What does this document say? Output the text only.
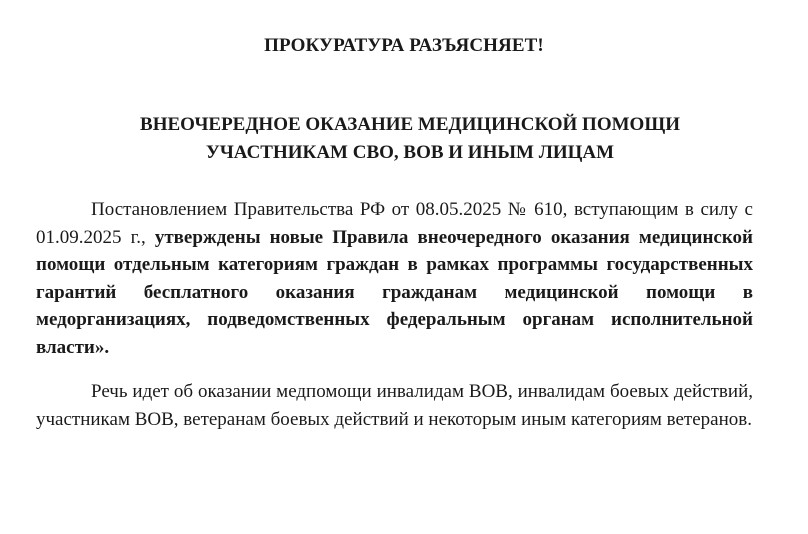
ПРОКУРАТУРА РАЗЪЯСНЯЕТ!
ВНЕОЧЕРЕДНОЕ ОКАЗАНИЕ МЕДИЦИНСКОЙ ПОМОЩИ
УЧАСТНИКАМ СВО, ВОВ И ИНЫМ ЛИЦАМ
Постановлением Правительства РФ от 08.05.2025 № 610, вступающим в силу с 01.09.2025 г., утверждены новые Правила внеочередного оказания медицинской помощи отдельным категориям граждан в рамках программы государственных гарантий бесплатного оказания гражданам медицинской помощи в медорганизациях, подведомственных федеральным органам исполнительной власти».
Речь идет об оказании медпомощи инвалидам ВОВ, инвалидам боевых действий, участникам ВОВ, ветеранам боевых действий и некоторым иным категориям ветеранов.
